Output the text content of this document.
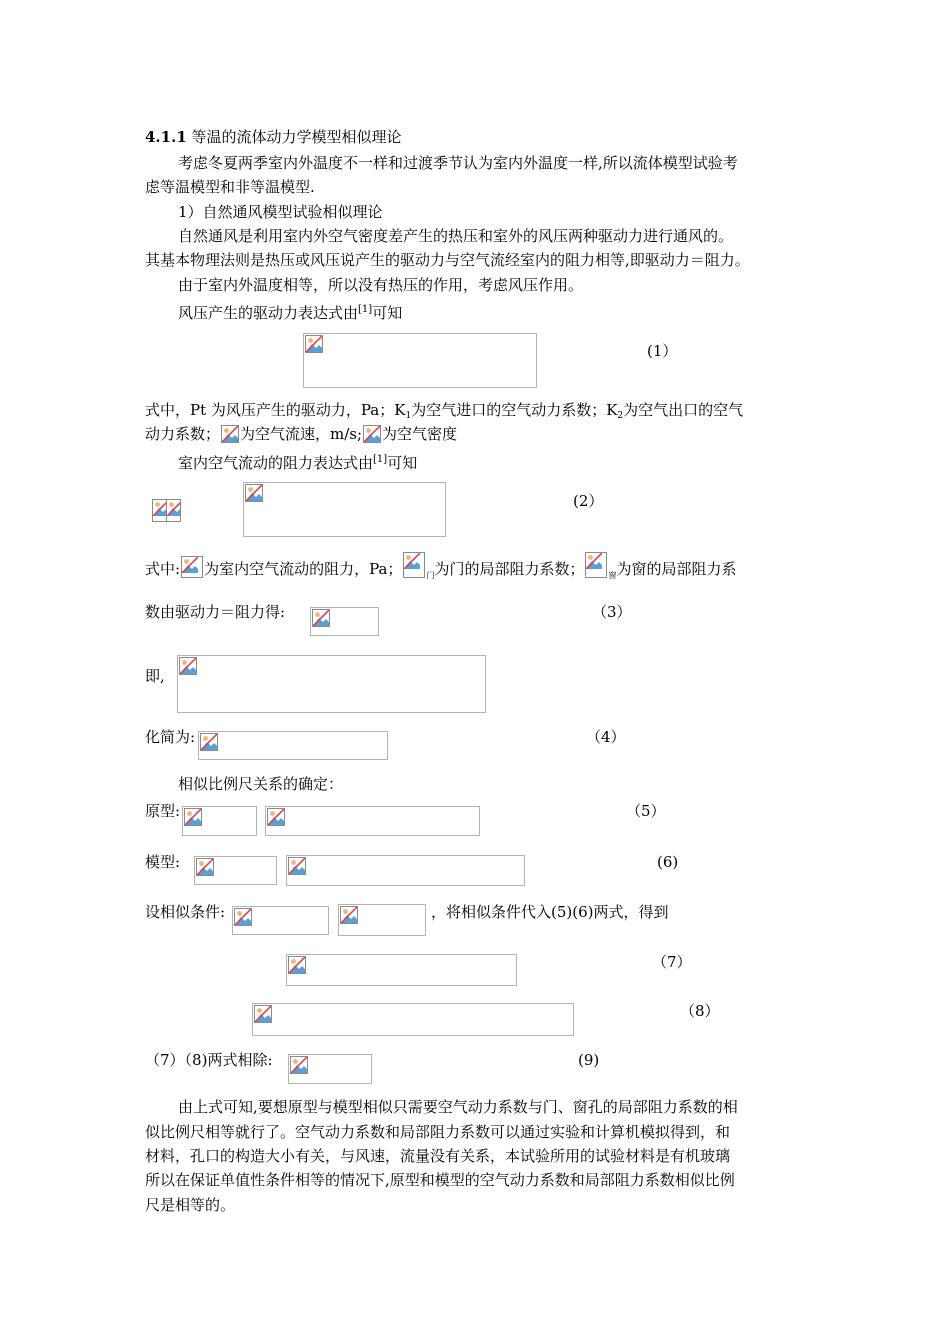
4.1.1 等温的流体动力学模型相似理论
考虑冬夏两季室内外温度不一样和过渡季节认为室内外温度一样,所以流体模型试验考
虑等温模型和非等温模型.
1）自然通风模型试验相似理论
自然通风是利用室内外空气密度差产生的热压和室外的风压两种驱动力进行通风的。
其基本物理法则是热压或风压说产生的驱动力与空气流经室内的阻力相等,即驱动力＝阻力。
由于室内外温度相等，所以没有热压的作用，考虑风压作用。
风压产生的驱动力表达式由[1]可知
(1）
式中，Pt 为风压产生的驱动力，Pa；$K_1$为空气进口的空气动力系数；$K_2$为空气出口的空气
动力系数； 为空气流速，m/s; 为空气密度
室内空气流动的阻力表达式由[1]可知
(2）
式中: 为室内空气流动的阻力，Pa；	$_门$为门的局部阻力系数；	$_窗$为窗的局部阻力系
数由驱动力＝阻力得:	（3）
即,
化简为:	（4）
相似比例尺关系的确定：
原型:	（5）
模型:	(6)
设相似条件:	，将相似条件代入(5)(6)两式，得到
（7）
（8）
（7）（8)两式相除:	(9)
由上式可知,要想原型与模型相似只需要空气动力系数与门、窗孔的局部阻力系数的相
似比例尺相等就行了。空气动力系数和局部阻力系数可以通过实验和计算机模拟得到，和
材料，孔口的构造大小有关，与风速，流量没有关系，本试验所用的试验材料是有机玻璃
所以在保证单值性条件相等的情况下,原型和模型的空气动力系数和局部阻力系数相似比例
尺是相等的。
